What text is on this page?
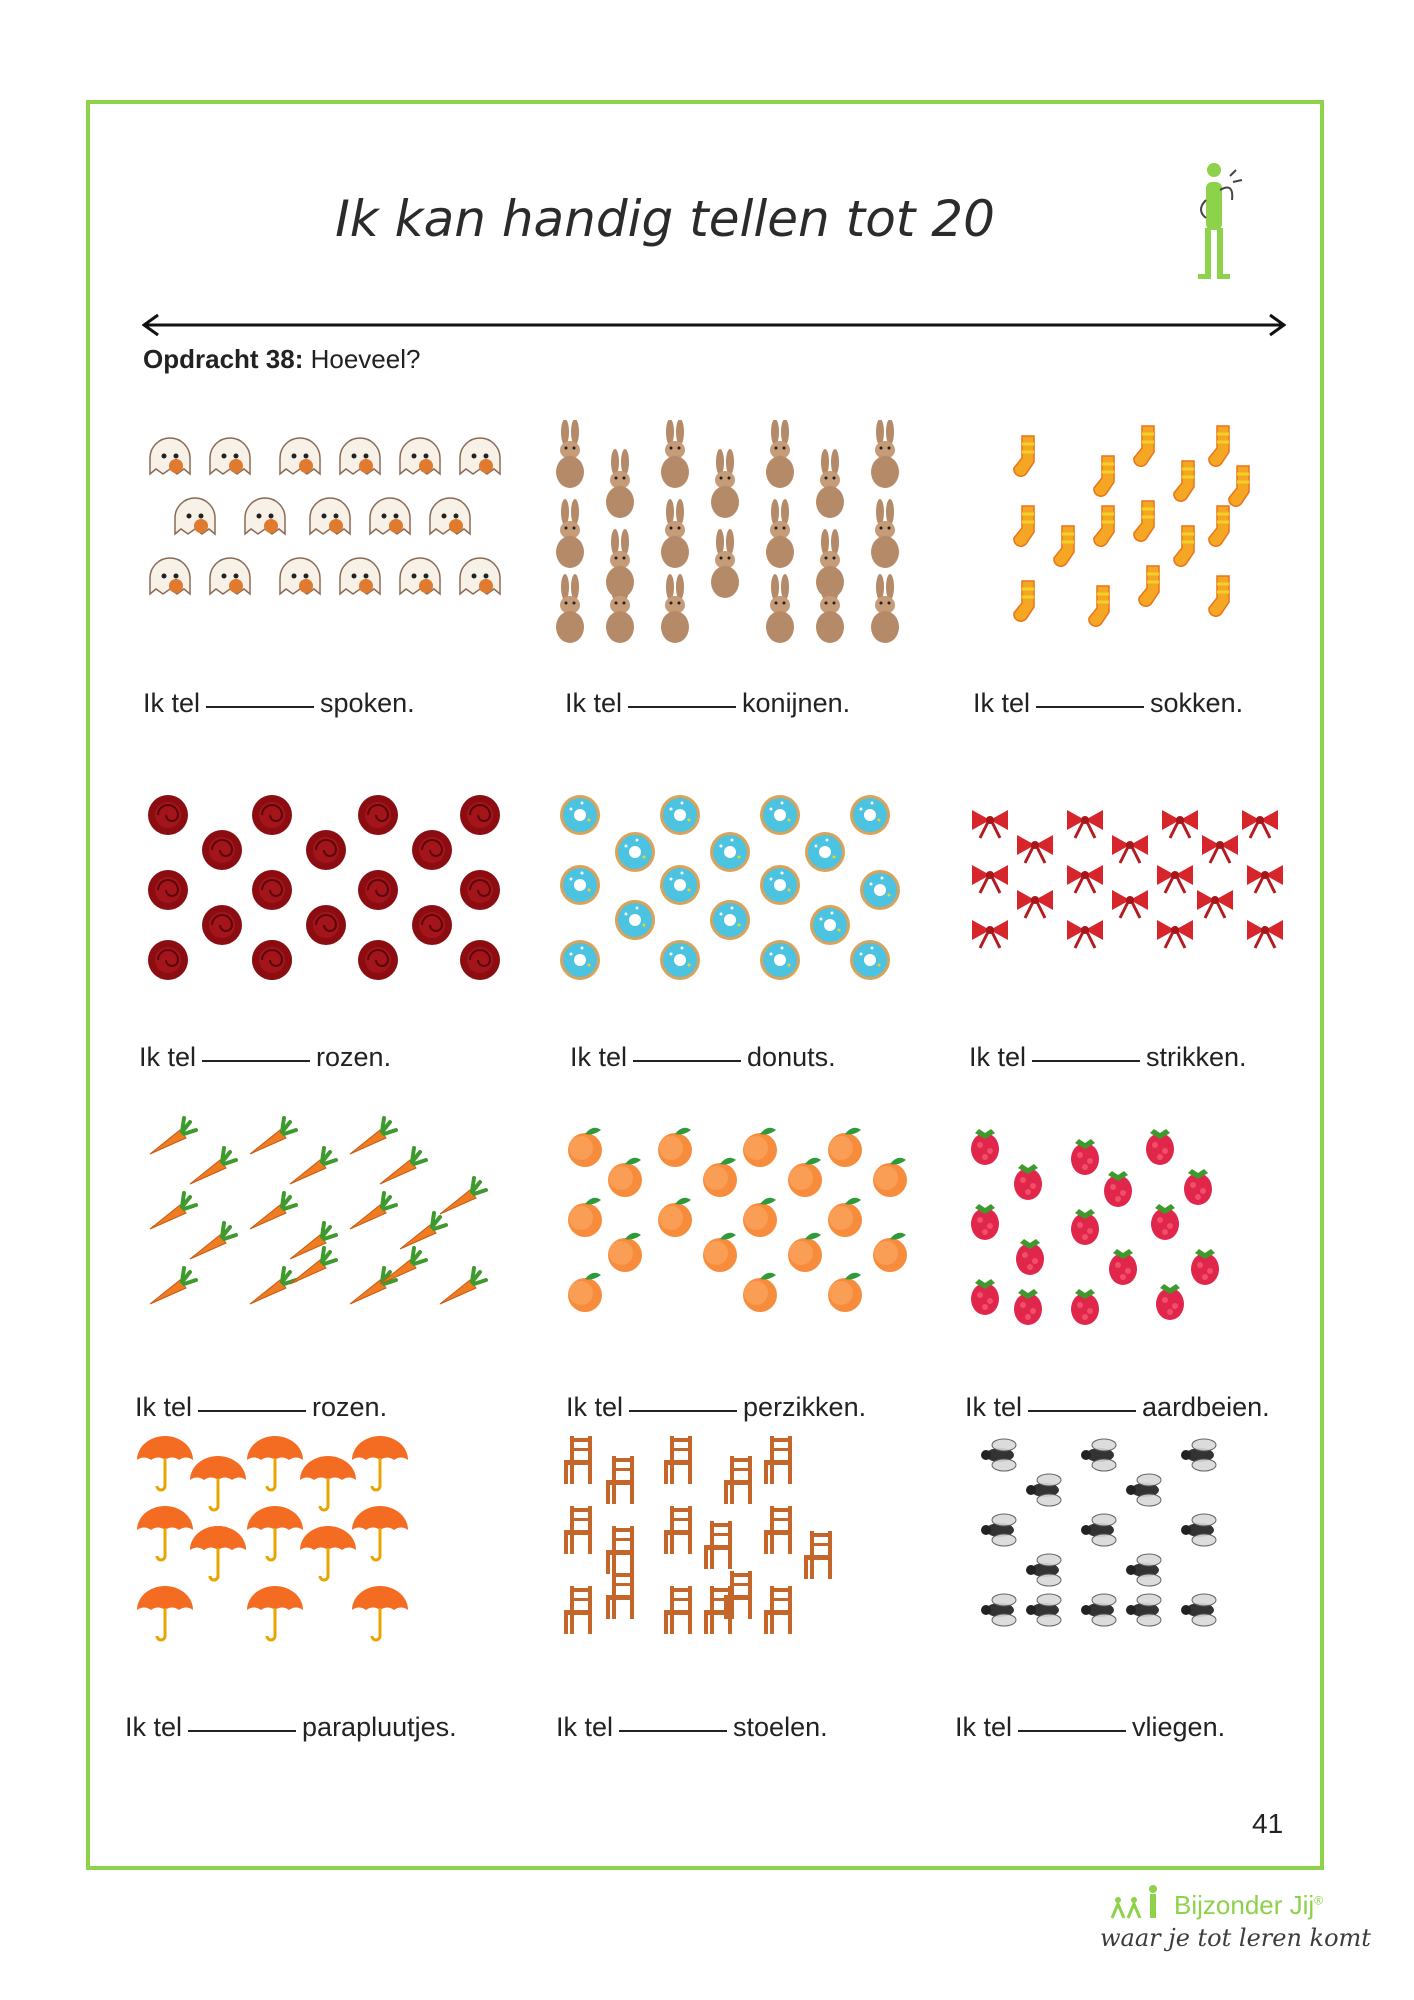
Ik kan handig tellen tot 20
Opdracht 38: Hoeveel?
Ik tel	spoken.	Ik tel	konijnen.	Ik tel	sokken.
Ik tel	rozen.	Ik tel	donuts.	Ik tel	strikken.
Ik tel	rozen.	Ik tel	perzikken.	Ik tel	aardbeien.
Ik tel	parapluutjes.	Ik tel	stoelen.	Ik tel	vliegen.
41
Bijzonder Jij®
waar je tot leren komt
